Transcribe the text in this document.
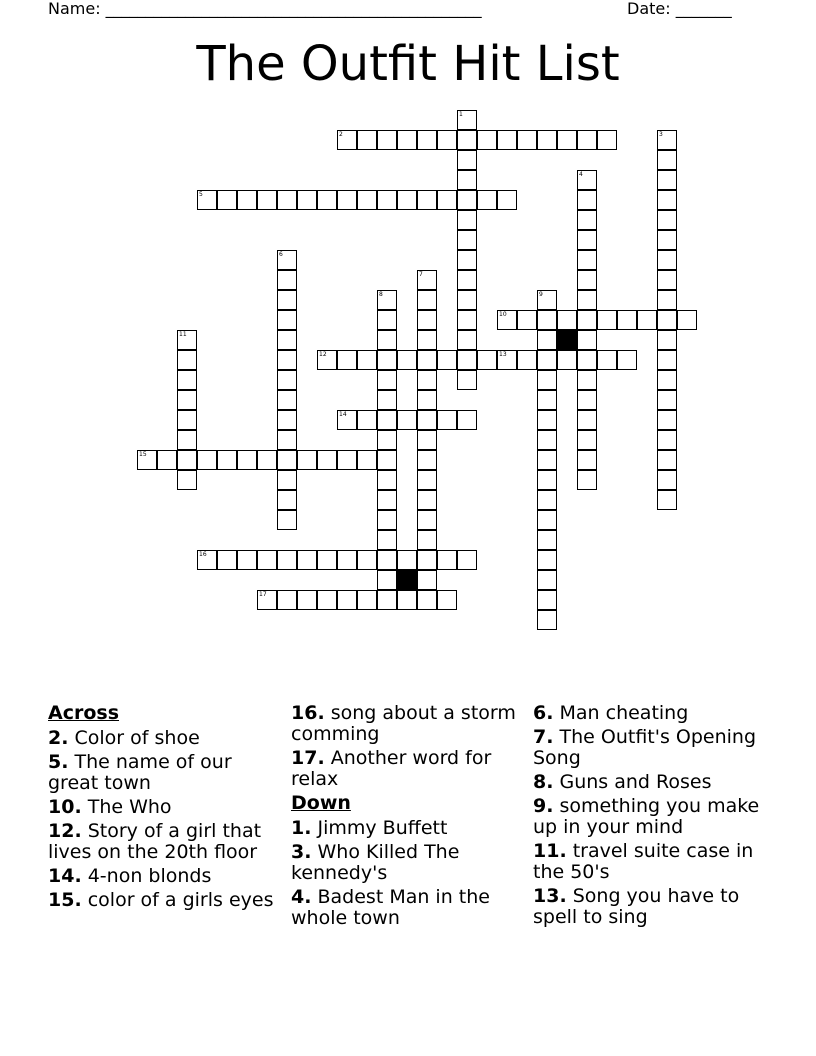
Name: _______________________________________________	Date: _______
The Outfit Hit List
1
2	3
4
5
6
7
8	9
10
11
12	13
14
15
16
17
Across
2. Color of shoe
5. The name of our great town
10. The Who
12. Story of a girl that lives on the 20th floor
14. 4-non blonds
15. color of a girls eyes
16. song about a storm comming
17. Another word for relax
Down
1. Jimmy Buffett
3. Who Killed The kennedy's
4. Badest Man in the whole town
6. Man cheating
7. The Outfit's Opening Song
8. Guns and Roses
9. something you make up in your mind
11. travel suite case in the 50's
13. Song you have to spell to sing
